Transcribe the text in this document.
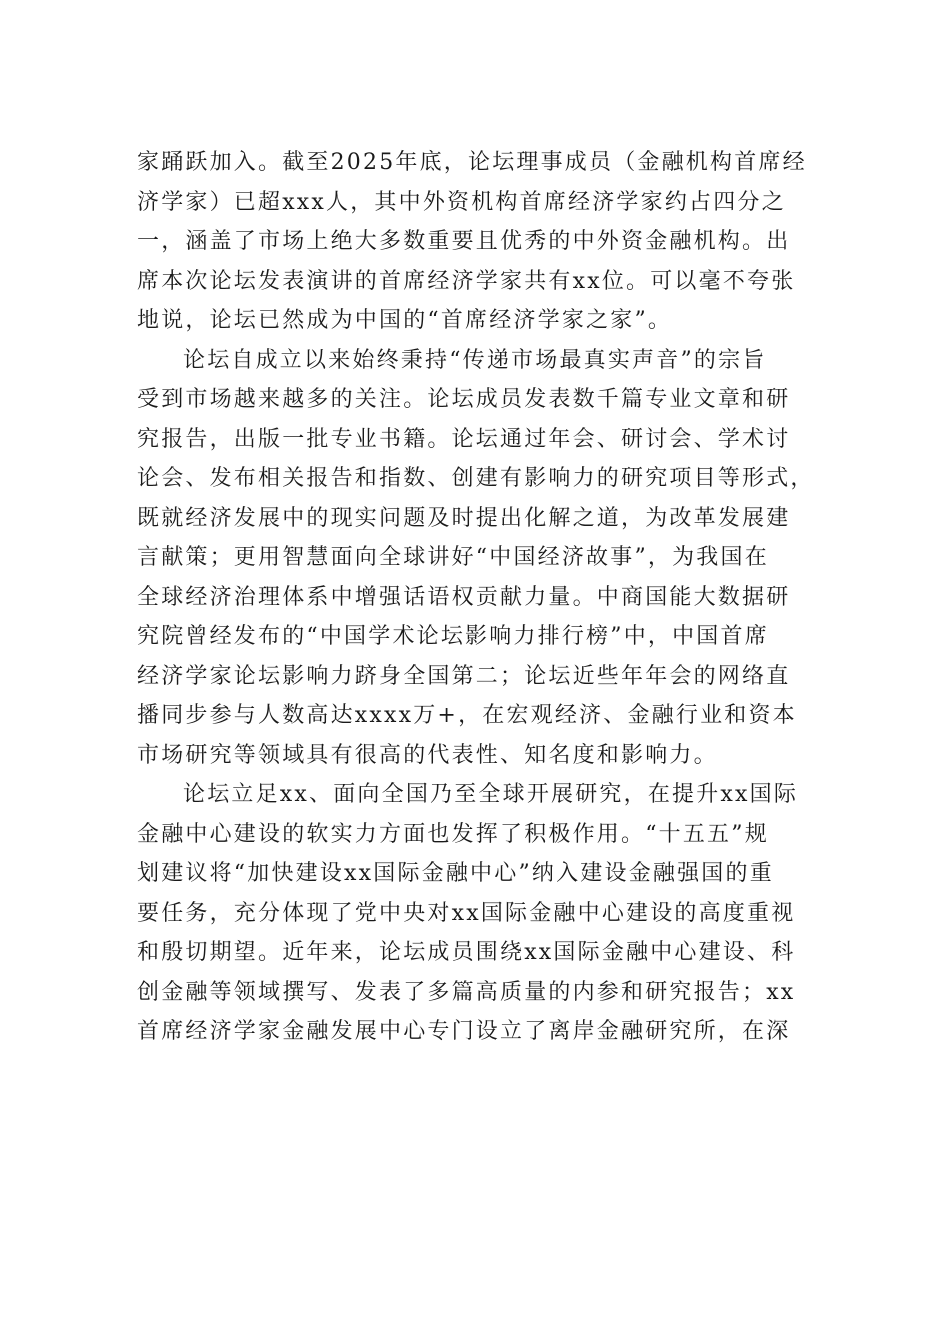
家踊跃加入。截至2025年底，论坛理事成员（金融机构首席经
济学家）已超xxx人，其中外资机构首席经济学家约占四分之
一，涵盖了市场上绝大多数重要且优秀的中外资金融机构。出
席本次论坛发表演讲的首席经济学家共有xx位。可以毫不夸张
地说，论坛已然成为中国的“首席经济学家之家”。
论坛自成立以来始终秉持“传递市场最真实声音”的宗旨
受到市场越来越多的关注。论坛成员发表数千篇专业文章和研
究报告，出版一批专业书籍。论坛通过年会、研讨会、学术讨
论会、发布相关报告和指数、创建有影响力的研究项目等形式，
既就经济发展中的现实问题及时提出化解之道，为改革发展建
言献策；更用智慧面向全球讲好“中国经济故事”，为我国在
全球经济治理体系中增强话语权贡献力量。中商国能大数据研
究院曾经发布的“中国学术论坛影响力排行榜”中，中国首席
经济学家论坛影响力跻身全国第二；论坛近些年年会的网络直
播同步参与人数高达xxxx万+，在宏观经济、金融行业和资本
市场研究等领域具有很高的代表性、知名度和影响力。
论坛立足xx、面向全国乃至全球开展研究，在提升xx国际
金融中心建设的软实力方面也发挥了积极作用。“十五五”规
划建议将“加快建设xx国际金融中心”纳入建设金融强国的重
要任务，充分体现了党中央对xx国际金融中心建设的高度重视
和殷切期望。近年来，论坛成员围绕xx国际金融中心建设、科
创金融等领域撰写、发表了多篇高质量的内参和研究报告；xx
首席经济学家金融发展中心专门设立了离岸金融研究所，在深
